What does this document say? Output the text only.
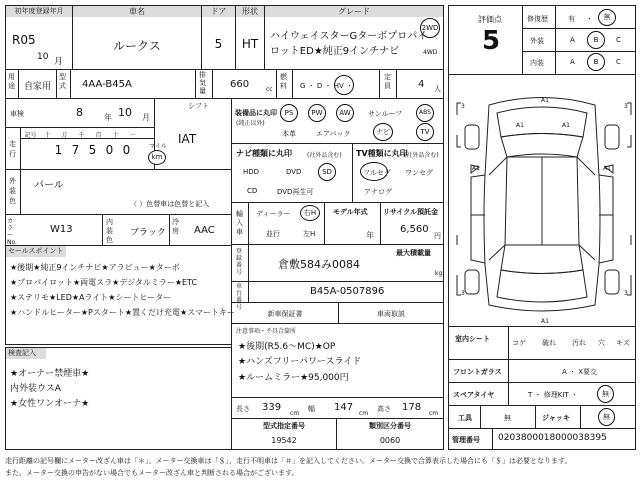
初年度登録年月
R05
10 月
車名
ルークス
ドア
5
形状
HT
グレード
ハイウェイスターGターボプロパイ
ロットED★純正9インチナビ
2WD
4WD
用途 自家用
型式 4AA-B45A
排気量
660	cc
燃料 G ・ D ・ HV ・
定員	4 人
車検	8	年 10 月
シフト
IAT
走行
記号	十	万	千	百	十	一
1 7 5 0 0	マイル
km
外装色
パール
（ ）色替車は色替と記入
カラーNo.
W13
内装色
ブラック
冷房 AAC
セールスポイント
★後期★純正9インチナビ★アラビュー★ターボ
★プロパイロット★両電スラ★デジタルミラー★ETC
★ステリモ★LED★Aライト★シートヒーター
★ハンドルヒーター★Pスタート★置くだけ充電★スマートキー
検査記入
★オーナー禁煙車★
内外装ウスA
★女性ワンオーナ★
装備品に丸印
(純正以外)
PS	PW	AW	サンルーフ	ABS
本革	エアバック	ナビ	TV
ナビ種類に丸印	(社外品含む)
HDD	DVD	SD
CD	DVD再生可
TV種類に丸印
(社外品含む)
フルセグ ワンセグ
アナログ
輸入車
ディーラー	右H
並行	左H
モデル年式
年
リサイクル預託金
6,560
円
登録番号
倉敷584み0084
最大積載量
kg
車台番号
B45A-0507896
新車保証書	車両取説
注意事項・不具合箇所
★後期(R5.6〜MC)★OP
★ハンズフリーパワースライド
★ルームミラー★95,000円
長さ 339
cm
幅 147
cm
高さ 178
cm
型式指定番号
19542
類別区分番号
0060
評価点
5
修復歴	有 ・	無
外装	A	B	C
内装	A	B	C
A1
A1	A1
A1	A1
A1
3	3
3	3
室内シート	コゲ 破れ 汚れ 穴 キズ
フロントガラス	A ・ X要交
スペアタイヤ	T ・ 修理KIT ・	無
工具	無	ジャッキ	無
管理番号 0203800018000038395
走行距離の記号欄にメーター改ざん車は「＊」、メーター交換車は「＄」、走行不明車は「＃」を記入してください。メーター交換で合算表示した場合にも「＄」は必要となります。
また、メーター交換の申告がない場合でもメーター改ざん車と判断される場合がございます。
